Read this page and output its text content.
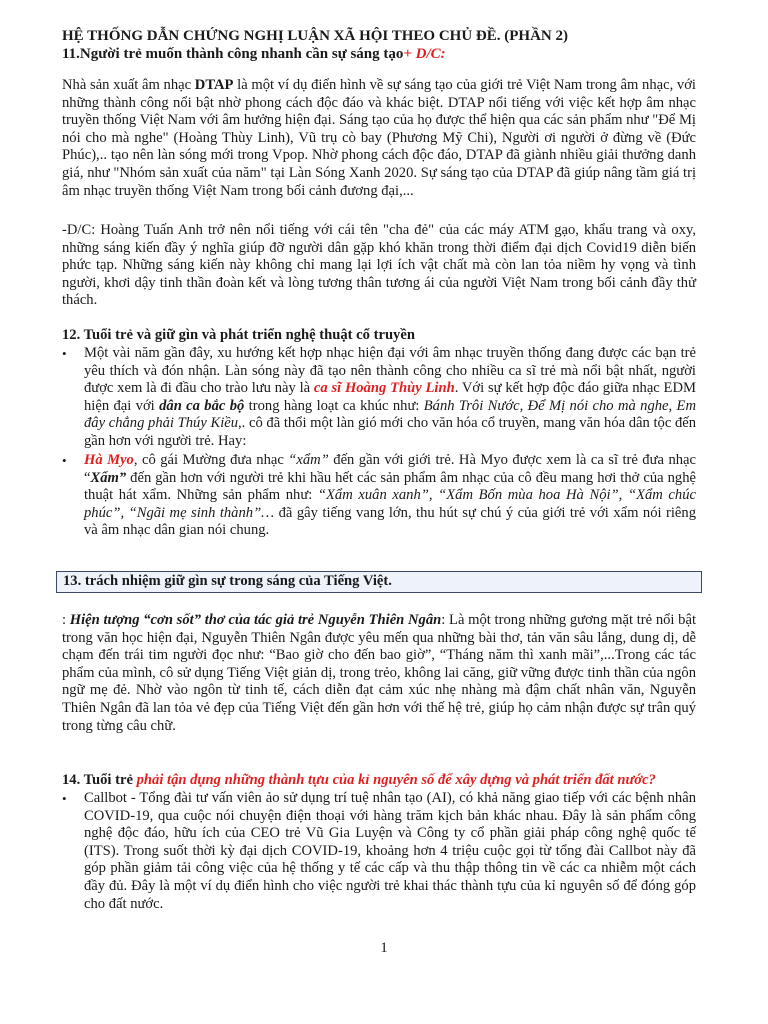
HỆ THỐNG DẪN CHỨNG NGHỊ LUẬN XÃ HỘI THEO CHỦ ĐỀ. (PHẦN 2)
11.Người trẻ muốn thành công nhanh cần sự sáng tạo+ D/C:
Nhà sản xuất âm nhạc DTAP là một ví dụ điển hình về sự sáng tạo của giới trẻ Việt Nam trong âm nhạc, với những thành công nổi bật nhờ phong cách độc đáo và khác biệt. DTAP nổi tiếng với việc kết hợp âm nhạc truyền thống Việt Nam với âm hưởng hiện đại. Sáng tạo của họ được thể hiện qua các sản phẩm như "Để Mị nói cho mà nghe" (Hoàng Thùy Linh), Vũ trụ cò bay (Phương Mỹ Chi), Người ơi người ở đừng về (Đức Phúc),.. tạo nên làn sóng mới trong Vpop. Nhờ phong cách độc đáo, DTAP đã giành nhiều giải thưởng danh giá, như "Nhóm sản xuất của năm" tại Làn Sóng Xanh 2020. Sự sáng tạo của DTAP đã giúp nâng tầm giá trị âm nhạc truyền thống Việt Nam trong bối cảnh đương đại,...
-D/C: Hoàng Tuấn Anh trở nên nổi tiếng với cái tên "cha đẻ" của các máy ATM gạo, khẩu trang và oxy, những sáng kiến đầy ý nghĩa giúp đỡ người dân gặp khó khăn trong thời điểm đại dịch Covid19 diễn biến phức tạp. Những sáng kiến này không chỉ mang lại lợi ích vật chất mà còn lan tỏa niềm hy vọng và tình người, khơi dậy tinh thần đoàn kết và lòng tương thân tương ái của người Việt Nam trong bối cảnh đầy thử thách.
12. Tuổi trẻ và giữ gìn và phát triển nghệ thuật cổ truyền
•	Một vài năm gần đây, xu hướng kết hợp nhạc hiện đại với âm nhạc truyền thống đang được các bạn trẻ yêu thích và đón nhận. Làn sóng này đã tạo nên thành công cho nhiều ca sĩ trẻ mà nổi bật nhất, người được xem là đi đầu cho trào lưu này là ca sĩ Hoàng Thùy Linh. Với sự kết hợp độc đáo giữa nhạc EDM hiện đại với dân ca bắc bộ trong hàng loạt ca khúc như: Bánh Trôi Nước, Để Mị nói cho mà nghe, Em đây chẳng phải Thúy Kiều,. cô đã thổi một làn gió mới cho văn hóa cổ truyền, mang văn hóa dân tộc đến gần hơn với người trẻ. Hay:
•	Hà Myo, cô gái Mường đưa nhạc “xẩm” đến gần với giới trẻ. Hà Myo được xem là ca sĩ trẻ đưa nhạc “Xẩm” đến gần hơn với người trẻ khi hầu hết các sản phẩm âm nhạc của cô đều mang hơi thở của nghệ thuật hát xẩm. Những sản phẩm như: “Xẩm xuân xanh”, “Xẩm Bốn mùa hoa Hà Nội”, “Xẩm chúc phúc”, “Ngãi mẹ sinh thành”… đã gây tiếng vang lớn, thu hút sự chú ý của giới trẻ với xẩm nói riêng và âm nhạc dân gian nói chung.
13. trách nhiệm giữ gìn sự trong sáng của Tiếng Việt.
: Hiện tượng “cơn sốt” thơ của tác giả trẻ Nguyễn Thiên Ngân: Là một trong những gương mặt trẻ nổi bật trong văn học hiện đại, Nguyễn Thiên Ngân được yêu mến qua những bài thơ, tản văn sâu lắng, dung dị, dễ chạm đến trái tim người đọc như: “Bao giờ cho đến bao giờ”, “Tháng năm thì xanh mãi”,...Trong các tác phẩm của mình, cô sử dụng Tiếng Việt giản dị, trong trẻo, không lai căng, giữ vững được tinh thần của ngôn ngữ mẹ đẻ. Nhờ vào ngôn từ tinh tế, cách diễn đạt cảm xúc nhẹ nhàng mà đậm chất nhân văn, Nguyễn Thiên Ngân đã lan tỏa vẻ đẹp của Tiếng Việt đến gần hơn với thế hệ trẻ, giúp họ cảm nhận được sự trân quý trong từng câu chữ.
14. Tuổi trẻ phải tận dụng những thành tựu của kỉ nguyên số để xây dựng và phát triển đất nước?
•	Callbot - Tổng đài tư vấn viên ảo sử dụng trí tuệ nhân tạo (AI), có khả năng giao tiếp với các bệnh nhân COVID-19, qua cuộc nói chuyện điện thoại với hàng trăm kịch bản khác nhau. Đây là sản phẩm công nghệ độc đáo, hữu ích của CEO trẻ Vũ Gia Luyện và Công ty cổ phần giải pháp công nghệ quốc tế (ITS). Trong suốt thời kỳ đại dịch COVID-19, khoảng hơn 4 triệu cuộc gọi từ tổng đài Callbot này đã góp phần giảm tải công việc của hệ thống y tế các cấp và thu thập thông tin về các ca nhiễm một cách đầy đủ. Đây là một ví dụ điển hình cho việc người trẻ khai thác thành tựu của kỉ nguyên số để đóng góp cho đất nước.
1
